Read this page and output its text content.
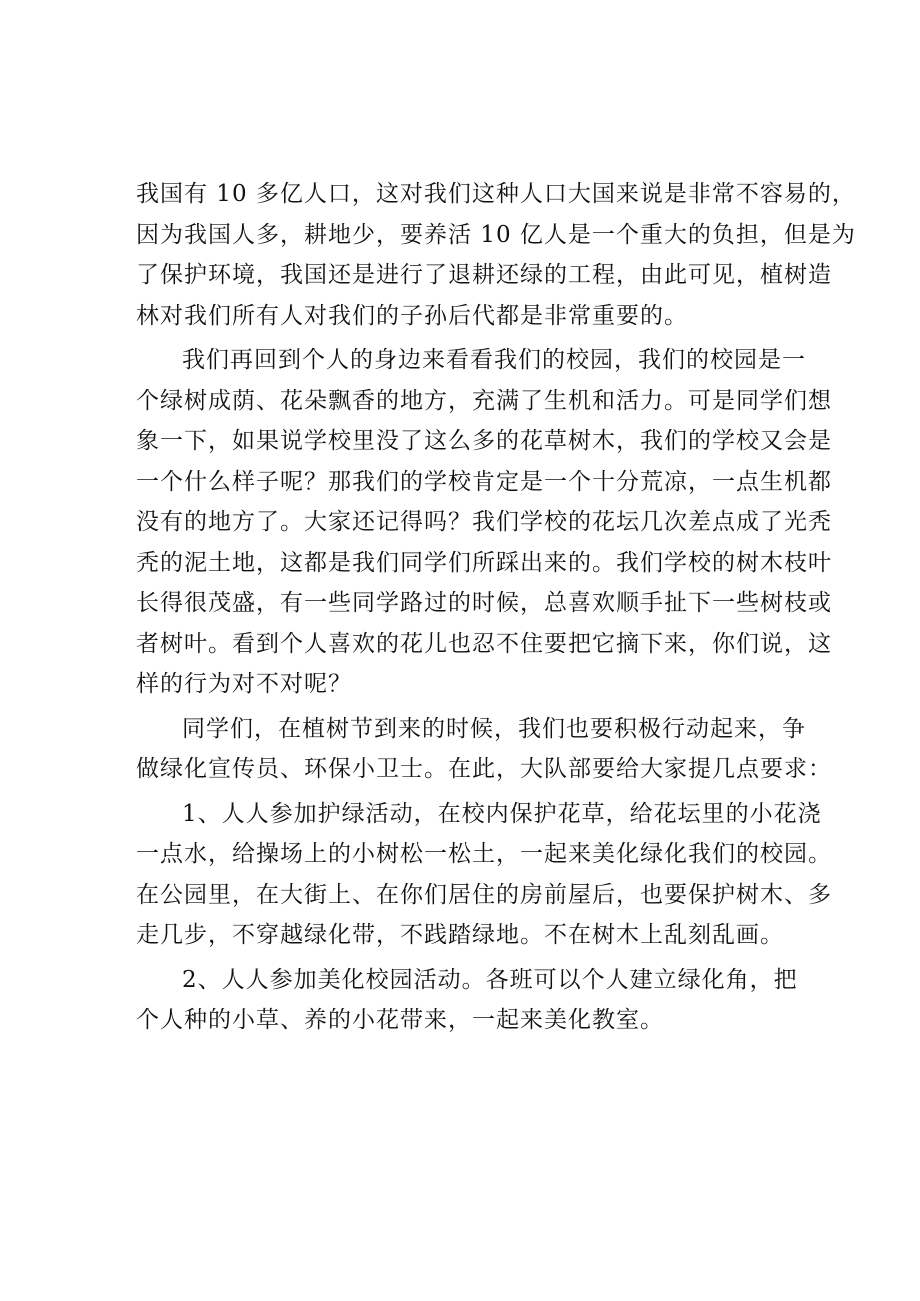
我国有 10 多亿人口，这对我们这种人口大国来说是非常不容易的，
因为我国人多，耕地少，要养活 10 亿人是一个重大的负担，但是为
了保护环境，我国还是进行了退耕还绿的工程，由此可见，植树造
林对我们所有人对我们的子孙后代都是非常重要的。

我们再回到个人的身边来看看我们的校园，我们的校园是一
个绿树成荫、花朵飘香的地方，充满了生机和活力。可是同学们想
象一下，如果说学校里没了这么多的花草树木，我们的学校又会是
一个什么样子呢？那我们的学校肯定是一个十分荒凉，一点生机都
没有的地方了。大家还记得吗？我们学校的花坛几次差点成了光秃
秃的泥土地，这都是我们同学们所踩出来的。我们学校的树木枝叶
长得很茂盛，有一些同学路过的时候，总喜欢顺手扯下一些树枝或
者树叶。看到个人喜欢的花儿也忍不住要把它摘下来，你们说，这
样的行为对不对呢？

同学们，在植树节到来的时候，我们也要积极行动起来，争
做绿化宣传员、环保小卫士。在此，大队部要给大家提几点要求：

1、人人参加护绿活动，在校内保护花草，给花坛里的小花浇
一点水，给操场上的小树松一松土，一起来美化绿化我们的校园。
在公园里，在大街上、在你们居住的房前屋后，也要保护树木、多
走几步，不穿越绿化带，不践踏绿地。不在树木上乱刻乱画。

2、人人参加美化校园活动。各班可以个人建立绿化角，把
个人种的小草、养的小花带来，一起来美化教室。
